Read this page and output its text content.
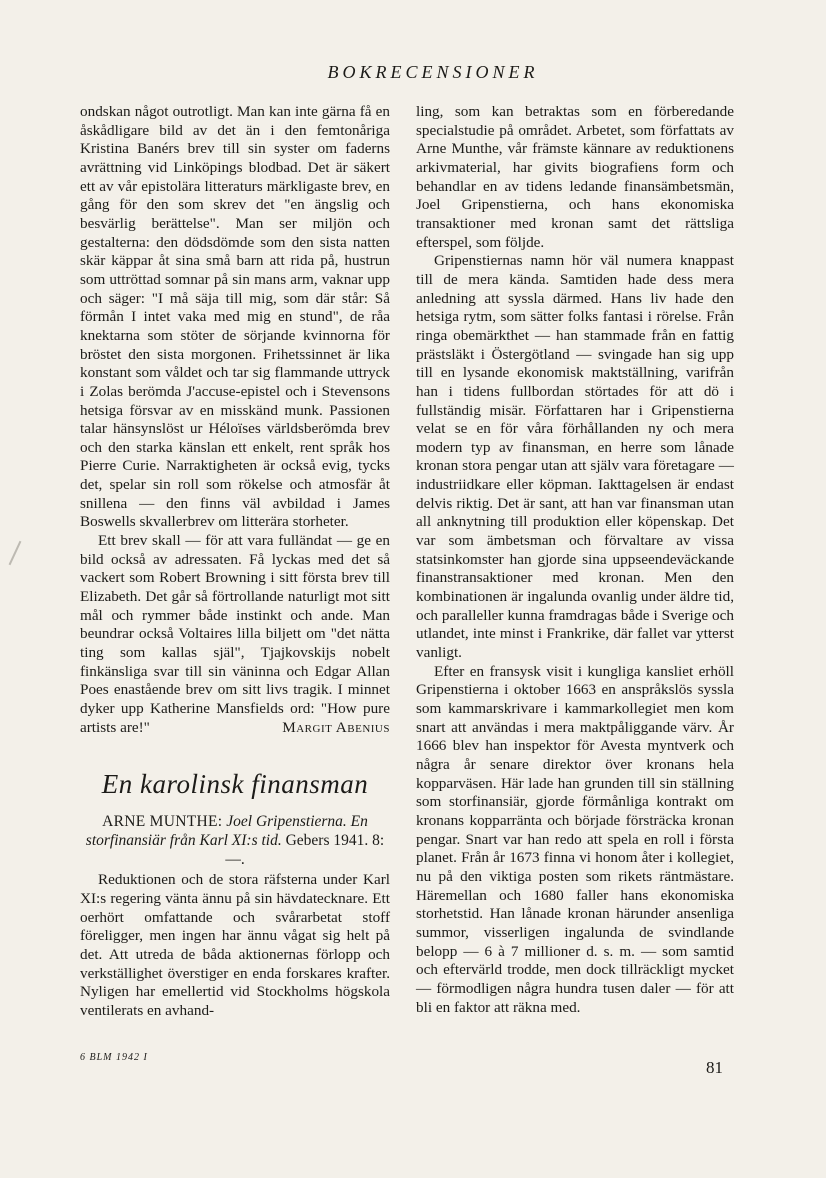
BOKRECENSIONER

ondskan något outrotligt. Man kan inte gärna få en åskådligare bild av det än i den femtonåriga Kristina Banérs brev till sin syster om faderns avrättning vid Linköpings blodbad. Det är säkert ett av vår epistolära litteraturs märkligaste brev, en gång för den som skrev det "en ängslig och besvärlig berättelse". Man ser miljön och gestalterna: den dödsdömde som den sista natten skär käppar åt sina små barn att rida på, hustrun som uttröttad somnar på sin mans arm, vaknar upp och säger: "I må säja till mig, som där står: Så förmån I intet vaka med mig en stund", de råa knektarna som stöter de sörjande kvinnorna för bröstet den sista morgonen. Frihetssinnet är lika konstant som våldet och tar sig flammande uttryck i Zolas berömda J'accuse-epistel och i Stevensons hetsiga försvar av en misskänd munk. Passionen talar hänsynslöst ur Héloïses världsberömda brev och den starka känslan ett enkelt, rent språk hos Pierre Curie. Narraktigheten är också evig, tycks det, spelar sin roll som rökelse och atmosfär åt snillena — den finns väl avbildad i James Boswells skvallerbrev om litterära storheter.

Ett brev skall — för att vara fulländat — ge en bild också av adressaten. Få lyckas med det så vackert som Robert Browning i sitt första brev till Elizabeth. Det går så förtrollande naturligt mot sitt mål och rymmer både instinkt och ande. Man beundrar också Voltaires lilla biljett om "det nätta ting som kallas själ", Tjajkovskijs nobelt finkänsliga svar till sin väninna och Edgar Allan Poes enastående brev om sitt livs tragik. I minnet dyker upp Katherine Mansfields ord: "How pure artists are!"	Margit Abenius
En karolinsk finansman
ARNE MUNTHE: Joel Gripenstierna. En storfinansiär från Karl XI:s tid. Gebers 1941. 8: —.

Reduktionen och de stora räfsterna under Karl XI:s regering vänta ännu på sin hävdatecknare. Ett oerhört omfattande och svårarbetat stoff föreligger, men ingen har ännu vågat sig helt på det. Att utreda de båda aktionernas förlopp och verkställighet överstiger en enda forskares krafter. Nyligen har emellertid vid Stockholms högskola ventilerats en avhand-

ling, som kan betraktas som en förberedande specialstudie på området. Arbetet, som författats av Arne Munthe, vår främste kännare av reduktionens arkivmaterial, har givits biografiens form och behandlar en av tidens ledande finansämbetsmän, Joel Gripenstierna, och hans ekonomiska transaktioner med kronan samt det rättsliga efterspel, som följde.

Gripenstiernas namn hör väl numera knappast till de mera kända. Samtiden hade dess mera anledning att syssla därmed. Hans liv hade den hetsiga rytm, som sätter folks fantasi i rörelse. Från ringa obemärkthet — han stammade från en fattig prästsläkt i Östergötland — svingade han sig upp till en lysande ekonomisk maktställning, varifrån han i tidens fullbordan störtades för att dö i fullständig misär. Författaren har i Gripenstierna velat se en för våra förhållanden ny och mera modern typ av finansman, en herre som lånade kronan stora pengar utan att själv vara företagare — industriidkare eller köpman. Iakttagelsen är endast delvis riktig. Det är sant, att han var finansman utan all anknytning till produktion eller köpenskap. Det var som ämbetsman och förvaltare av vissa statsinkomster han gjorde sina uppseendeväckande finanstransaktioner med kronan. Men den kombinationen är ingalunda ovanlig under äldre tid, och paralleller kunna framdragas både i Sverige och utlandet, inte minst i Frankrike, där fallet var ytterst vanligt.

Efter en fransysk visit i kungliga kansliet erhöll Gripenstierna i oktober 1663 en anspråkslös syssla som kammarskrivare i kammarkollegiet men kom snart att användas i mera maktpåliggande värv. År 1666 blev han inspektor för Avesta myntverk och några år senare direktor över kronans hela kopparväsen. Här lade han grunden till sin ställning som storfinansiär, gjorde förmånliga kontrakt om kronans kopparränta och började försträcka kronan pengar. Snart var han redo att spela en roll i första planet. Från år 1673 finna vi honom åter i kollegiet, nu på den viktiga posten som rikets räntmästare. Häremellan och 1680 faller hans ekonomiska storhetstid. Han lånade kronan härunder ansenliga summor, visserligen ingalunda de svindlande belopp — 6 à 7 millioner d. s. m. — som samtid och eftervärld trodde, men dock tillräckligt mycket — förmodligen några hundra tusen daler — för att bli en faktor att räkna med.

6 BLM 1942 I
81
